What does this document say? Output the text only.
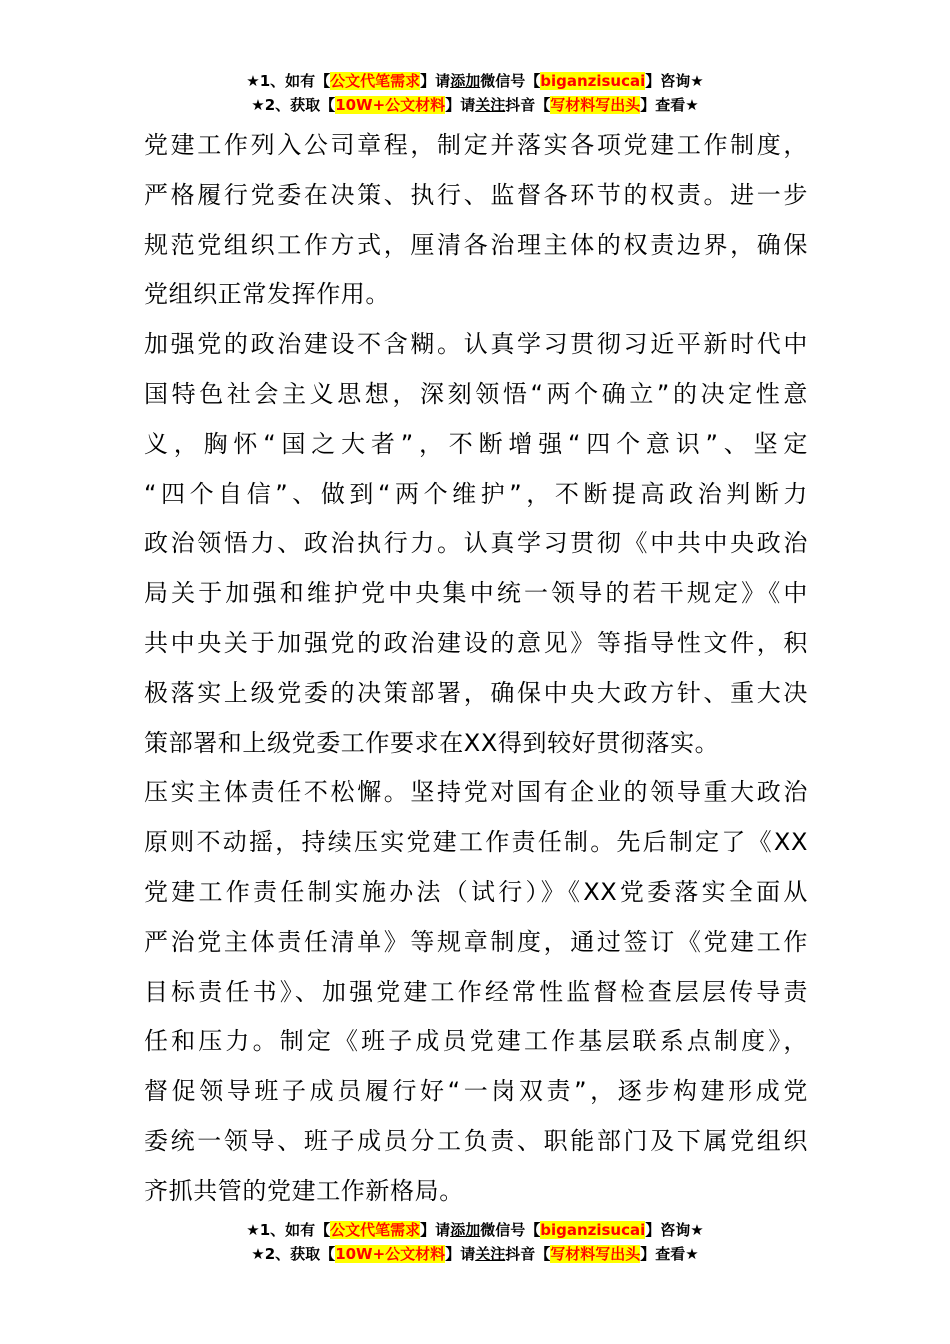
★1、如有【公文代笔需求】请添加微信号【biganzisucai】咨询★
★2、获取【10W+公文材料】请关注抖音【写材料写出头】查看★
党建工作列入公司章程，制定并落实各项党建工作制度，
严格履行党委在决策、执行、监督各环节的权责。进一步
规范党组织工作方式，厘清各治理主体的权责边界，确保
党组织正常发挥作用。
加强党的政治建设不含糊。认真学习贯彻习近平新时代中
国特色社会主义思想，深刻领悟“两个确立”的决定性意
义，胸怀“国之大者”，不断增强“四个意识”、坚定
“四个自信”、做到“两个维护”，不断提高政治判断力
政治领悟力、政治执行力。认真学习贯彻《中共中央政治
局关于加强和维护党中央集中统一领导的若干规定》《中
共中央关于加强党的政治建设的意见》等指导性文件，积
极落实上级党委的决策部署，确保中央大政方针、重大决
策部署和上级党委工作要求在XX得到较好贯彻落实。
压实主体责任不松懈。坚持党对国有企业的领导重大政治
原则不动摇，持续压实党建工作责任制。先后制定了《XX
党建工作责任制实施办法（试行）》《XX党委落实全面从
严治党主体责任清单》等规章制度，通过签订《党建工作
目标责任书》、加强党建工作经常性监督检查层层传导责
任和压力。制定《班子成员党建工作基层联系点制度》，
督促领导班子成员履行好“一岗双责”，逐步构建形成党
委统一领导、班子成员分工负责、职能部门及下属党组织
齐抓共管的党建工作新格局。
★1、如有【公文代笔需求】请添加微信号【biganzisucai】咨询★
★2、获取【10W+公文材料】请关注抖音【写材料写出头】查看★
